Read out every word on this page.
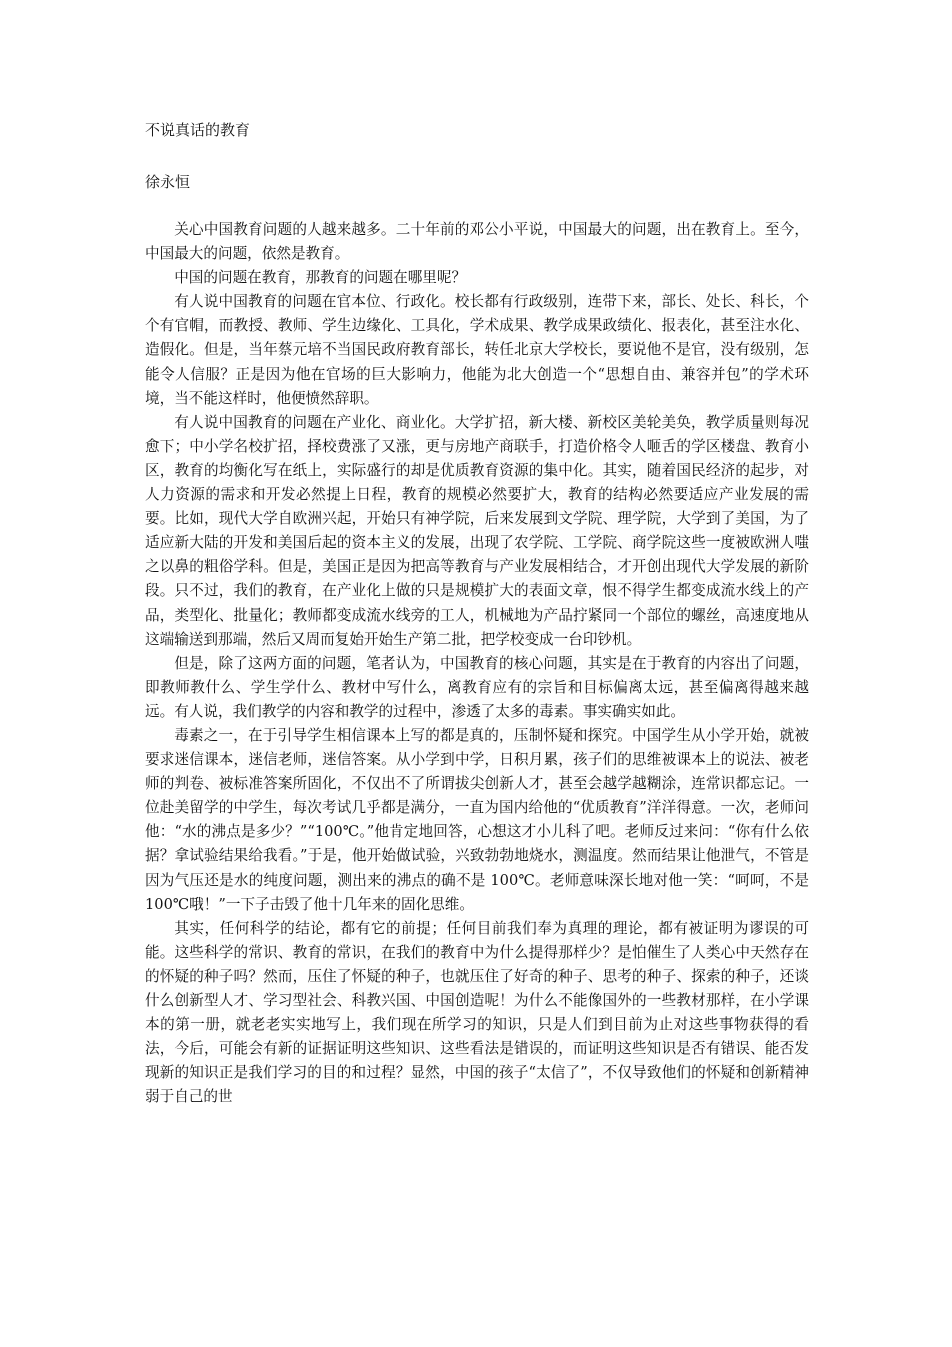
不说真话的教育
徐永恒

关心中国教育问题的人越来越多。二十年前的邓公小平说，中国最大的问题，出在教育上。至今，中国最大的问题，依然是教育。

中国的问题在教育，那教育的问题在哪里呢？

有人说中国教育的问题在官本位、行政化。校长都有行政级别，连带下来，部长、处长、科长，个个有官帽，而教授、教师、学生边缘化、工具化，学术成果、教学成果政绩化、报表化，甚至注水化、造假化。但是，当年蔡元培不当国民政府教育部长，转任北京大学校长，要说他不是官，没有级别，怎能令人信服？正是因为他在官场的巨大影响力，他能为北大创造一个“思想自由、兼容并包”的学术环境，当不能这样时，他便愤然辞职。

有人说中国教育的问题在产业化、商业化。大学扩招，新大楼、新校区美轮美奂，教学质量则每况愈下；中小学名校扩招，择校费涨了又涨，更与房地产商联手，打造价格令人咂舌的学区楼盘、教育小区，教育的均衡化写在纸上，实际盛行的却是优质教育资源的集中化。其实，随着国民经济的起步，对人力资源的需求和开发必然提上日程，教育的规模必然要扩大，教育的结构必然要适应产业发展的需要。比如，现代大学自欧洲兴起，开始只有神学院，后来发展到文学院、理学院，大学到了美国，为了适应新大陆的开发和美国后起的资本主义的发展，出现了农学院、工学院、商学院这些一度被欧洲人嗤之以鼻的粗俗学科。但是，美国正是因为把高等教育与产业发展相结合，才开创出现代大学发展的新阶段。只不过，我们的教育，在产业化上做的只是规模扩大的表面文章，恨不得学生都变成流水线上的产品，类型化、批量化；教师都变成流水线旁的工人，机械地为产品拧紧同一个部位的螺丝，高速度地从这端输送到那端，然后又周而复始开始生产第二批，把学校变成一台印钞机。

但是，除了这两方面的问题，笔者认为，中国教育的核心问题，其实是在于教育的内容出了问题，即教师教什么、学生学什么、教材中写什么，离教育应有的宗旨和目标偏离太远，甚至偏离得越来越远。有人说，我们教学的内容和教学的过程中，渗透了太多的毒素。事实确实如此。

毒素之一，在于引导学生相信课本上写的都是真的，压制怀疑和探究。中国学生从小学开始，就被要求迷信课本，迷信老师，迷信答案。从小学到中学，日积月累，孩子们的思维被课本上的说法、被老师的判卷、被标准答案所固化，不仅出不了所谓拔尖创新人才，甚至会越学越糊涂，连常识都忘记。一位赴美留学的中学生，每次考试几乎都是满分，一直为国内给他的“优质教育”洋洋得意。一次，老师问他：“水的沸点是多少？”“100℃。”他肯定地回答，心想这才小儿科了吧。老师反过来问：“你有什么依据？拿试验结果给我看。”于是，他开始做试验，兴致勃勃地烧水，测温度。然而结果让他泄气，不管是因为气压还是水的纯度问题，测出来的沸点的确不是 100℃。老师意味深长地对他一笑：“呵呵，不是 100℃哦！”一下子击毁了他十几年来的固化思维。

其实，任何科学的结论，都有它的前提；任何目前我们奉为真理的理论，都有被证明为谬误的可能。这些科学的常识、教育的常识，在我们的教育中为什么提得那样少？是怕催生了人类心中天然存在的怀疑的种子吗？然而，压住了怀疑的种子，也就压住了好奇的种子、思考的种子、探索的种子，还谈什么创新型人才、学习型社会、科教兴国、中国创造呢！为什么不能像国外的一些教材那样，在小学课本的第一册，就老老实实地写上，我们现在所学习的知识，只是人们到目前为止对这些事物获得的看法，今后，可能会有新的证据证明这些知识、这些看法是错误的，而证明这些知识是否有错误、能否发现新的知识正是我们学习的目的和过程？显然，中国的孩子“太信了”，不仅导致他们的怀疑和创新精神弱于自己的世
